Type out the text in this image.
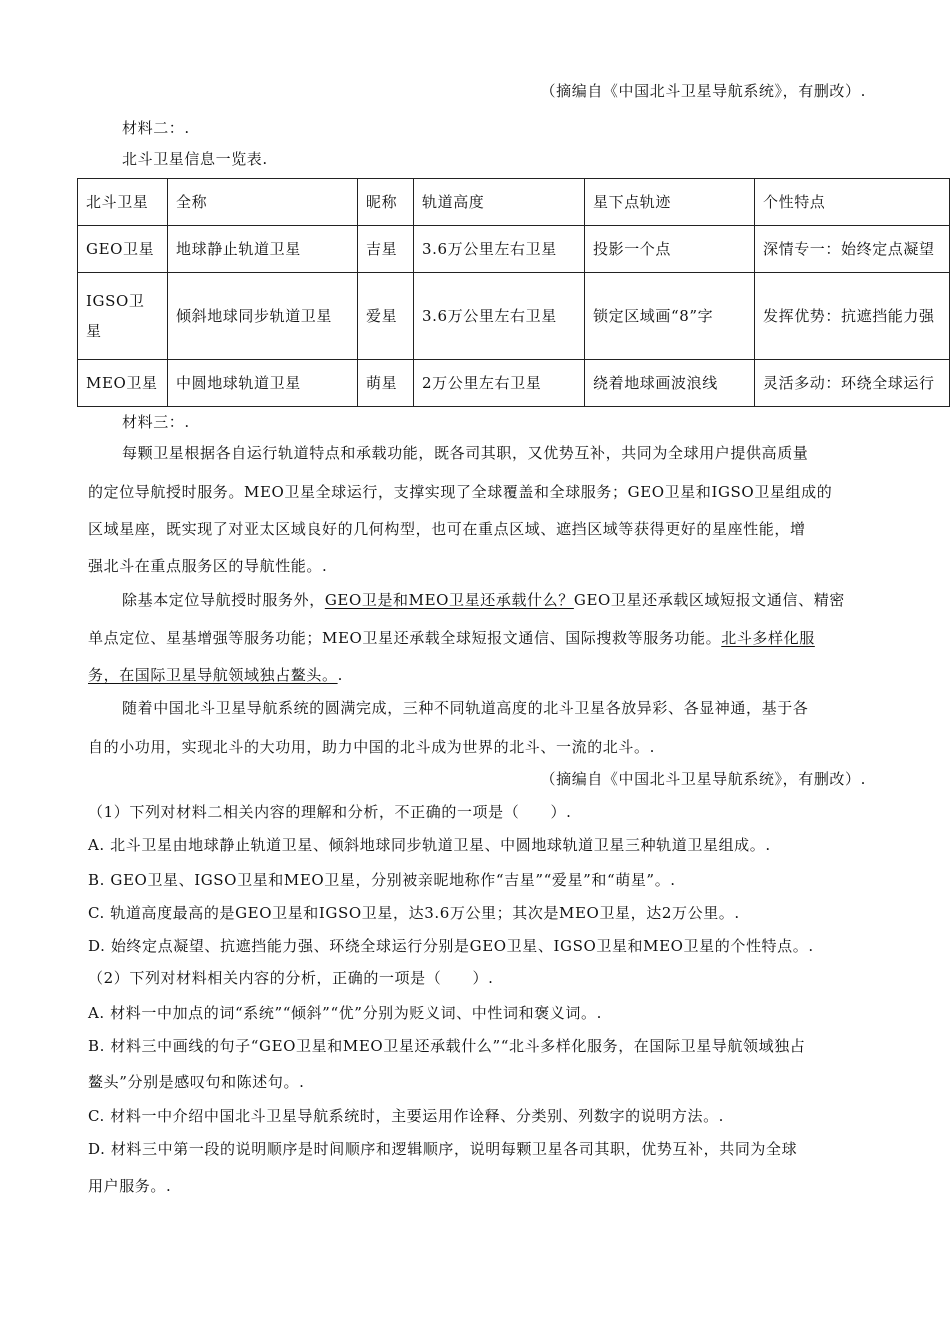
（摘编自《中国北斗卫星导航系统》，有删改）.
材料二：.
北斗卫星信息一览表.
北斗卫星	全称	昵称	轨道高度	星下点轨迹	个性特点
GEO卫星	地球静止轨道卫星	吉星	3.6万公里左右卫星	投影一个点	深情专一：始终定点凝望
IGSO卫星	倾斜地球同步轨道卫星	爱星	3.6万公里左右卫星	锁定区域画“8”字	发挥优势：抗遮挡能力强
MEO卫星	中圆地球轨道卫星	萌星	2万公里左右卫星	绕着地球画波浪线	灵活多动：环绕全球运行
材料三：.
每颗卫星根据各自运行轨道特点和承载功能，既各司其职，又优势互补，共同为全球用户提供高质量
的定位导航授时服务。MEO卫星全球运行，支撑实现了全球覆盖和全球服务；GEO卫星和IGSO卫星组成的
区域星座，既实现了对亚太区域良好的几何构型，也可在重点区域、遮挡区域等获得更好的星座性能，增
强北斗在重点服务区的导航性能。.
除基本定位导航授时服务外，GEO卫是和MEO卫星还承载什么？GEO卫星还承载区域短报文通信、精密
单点定位、星基增强等服务功能；MEO卫星还承载全球短报文通信、国际搜救等服务功能。北斗多样化服
务，在国际卫星导航领域独占鳌头。.
随着中国北斗卫星导航系统的圆满完成，三种不同轨道高度的北斗卫星各放异彩、各显神通，基于各
自的小功用，实现北斗的大功用，助力中国的北斗成为世界的北斗、一流的北斗。.
（摘编自《中国北斗卫星导航系统》，有删改）.
（1）下列对材料二相关内容的理解和分析，不正确的一项是（　　）.
A. 北斗卫星由地球静止轨道卫星、倾斜地球同步轨道卫星、中圆地球轨道卫星三种轨道卫星组成。.
B. GEO卫星、IGSO卫星和MEO卫星，分别被亲昵地称作“吉星”“爱星”和“萌星”。.
C. 轨道高度最高的是GEO卫星和IGSO卫星，达3.6万公里；其次是MEO卫星，达2万公里。.
D. 始终定点凝望、抗遮挡能力强、环绕全球运行分别是GEO卫星、IGSO卫星和MEO卫星的个性特点。.
（2）下列对材料相关内容的分析，正确的一项是（　　）.
A. 材料一中加点的词“系统”“倾斜”“优”分别为贬义词、中性词和褒义词。.
B. 材料三中画线的句子“GEO卫星和MEO卫星还承载什么”“北斗多样化服务，在国际卫星导航领域独占
鳌头”分别是感叹句和陈述句。.
C. 材料一中介绍中国北斗卫星导航系统时，主要运用作诠释、分类别、列数字的说明方法。.
D. 材料三中第一段的说明顺序是时间顺序和逻辑顺序，说明每颗卫星各司其职，优势互补，共同为全球
用户服务。.
